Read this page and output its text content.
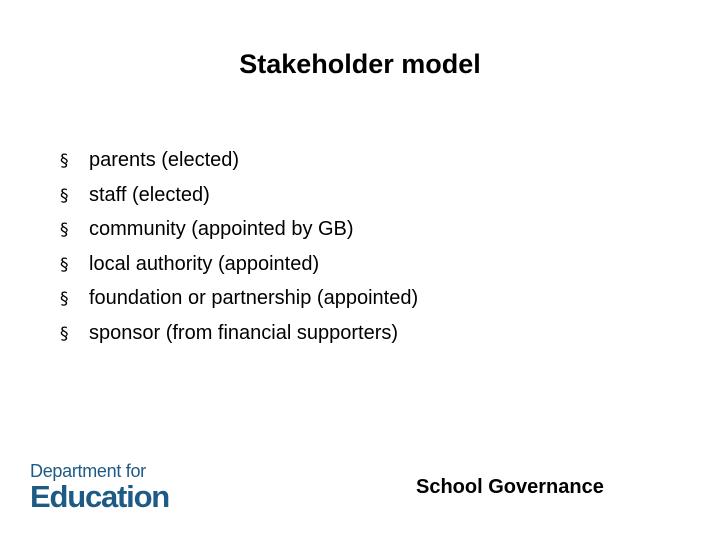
Stakeholder model
§	parents (elected)
§	staff (elected)
§	community (appointed by GB)
§	local authority (appointed)
§	foundation or partnership (appointed)
§	sponsor (from financial supporters)
Department for
Education	School Governance
